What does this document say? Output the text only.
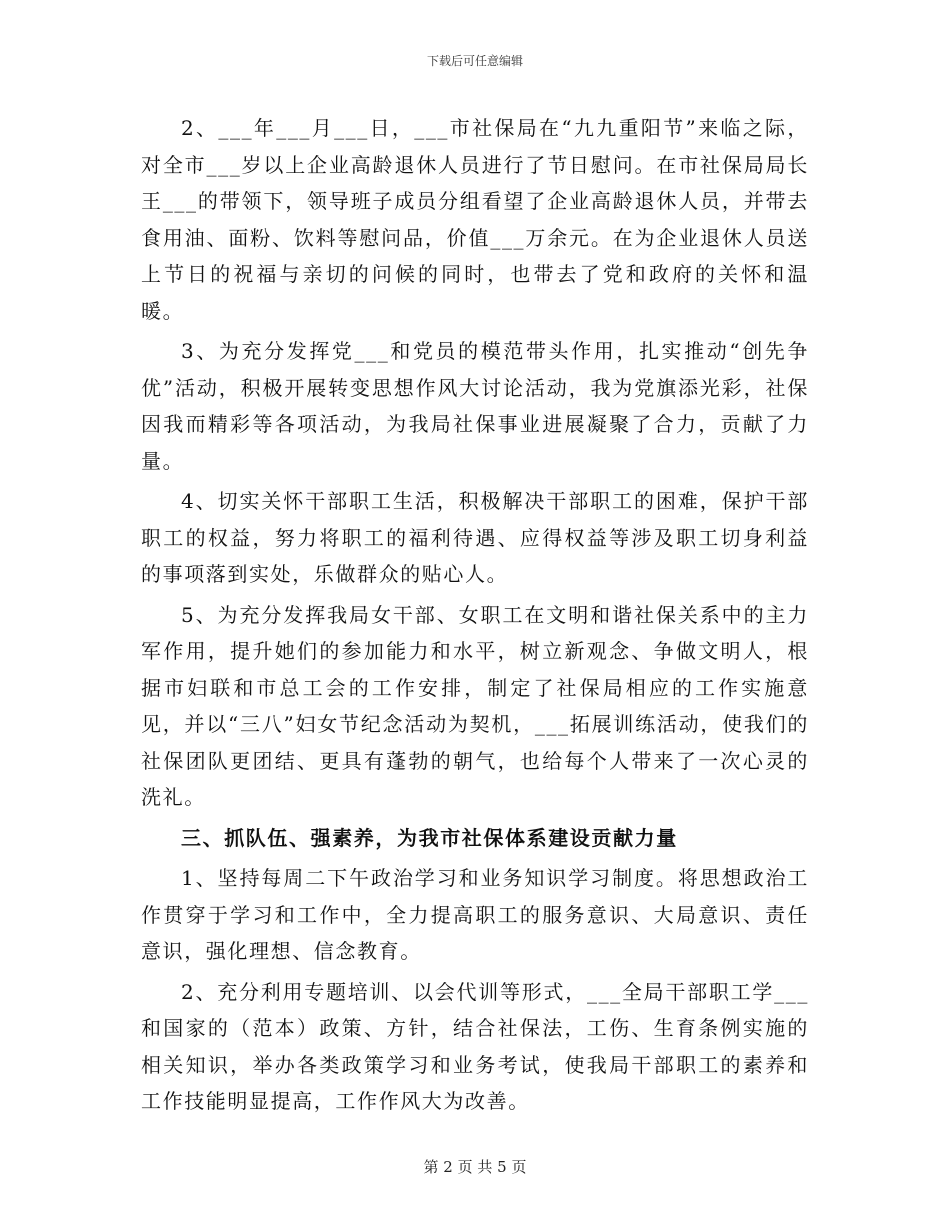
下载后可任意编辑

2、___年___月___日，___市社保局在“九九重阳节”来临之际，对全市___岁以上企业高龄退休人员进行了节日慰问。在市社保局局长王___的带领下，领导班子成员分组看望了企业高龄退休人员，并带去食用油、面粉、饮料等慰问品，价值___万余元。在为企业退休人员送上节日的祝福与亲切的问候的同时，也带去了党和政府的关怀和温暖。

3、为充分发挥党___和党员的模范带头作用，扎实推动“创先争优”活动，积极开展转变思想作风大讨论活动，我为党旗添光彩，社保因我而精彩等各项活动，为我局社保事业进展凝聚了合力，贡献了力量。

4、切实关怀干部职工生活，积极解决干部职工的困难，保护干部职工的权益，努力将职工的福利待遇、应得权益等涉及职工切身利益的事项落到实处，乐做群众的贴心人。

5、为充分发挥我局女干部、女职工在文明和谐社保关系中的主力军作用，提升她们的参加能力和水平，树立新观念、争做文明人，根据市妇联和市总工会的工作安排，制定了社保局相应的工作实施意见，并以“三八”妇女节纪念活动为契机，___拓展训练活动，使我们的社保团队更团结、更具有蓬勃的朝气，也给每个人带来了一次心灵的洗礼。

三、抓队伍、强素养，为我市社保体系建设贡献力量

1、坚持每周二下午政治学习和业务知识学习制度。将思想政治工作贯穿于学习和工作中，全力提高职工的服务意识、大局意识、责任意识，强化理想、信念教育。

2、充分利用专题培训、以会代训等形式，___全局干部职工学___和国家的（范本）政策、方针，结合社保法，工伤、生育条例实施的相关知识，举办各类政策学习和业务考试，使我局干部职工的素养和工作技能明显提高，工作作风大为改善。

第 2 页 共 5 页
